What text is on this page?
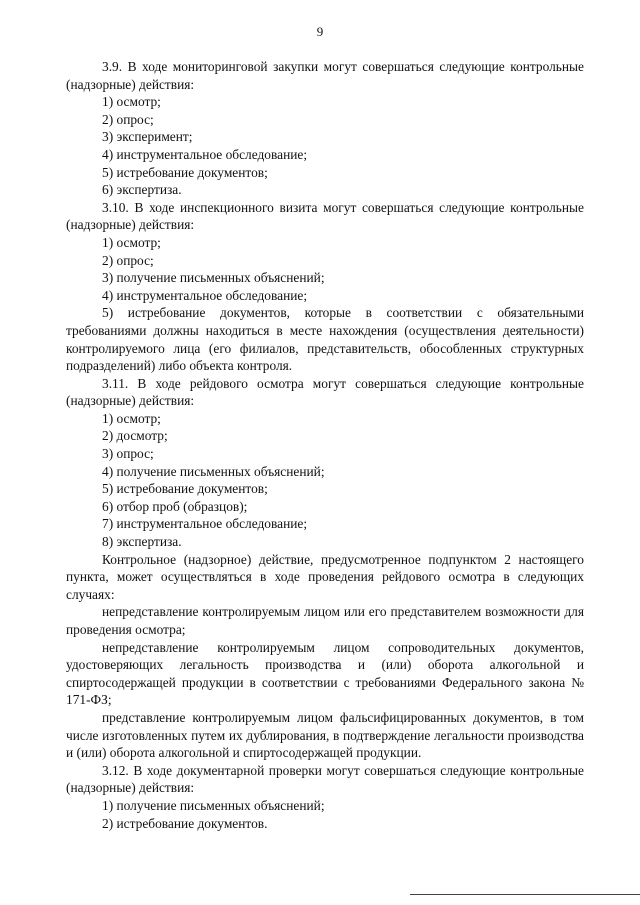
9

3.9. В ходе мониторинговой закупки могут совершаться следующие контрольные (надзорные) действия:

1) осмотр;

2) опрос;

3) эксперимент;

4) инструментальное обследование;

5) истребование документов;

6) экспертиза.

3.10. В ходе инспекционного визита могут совершаться следующие контрольные (надзорные) действия:

1) осмотр;

2) опрос;

3) получение письменных объяснений;

4) инструментальное обследование;

5) истребование документов, которые в соответствии с обязательными требованиями должны находиться в месте нахождения (осуществления деятельности) контролируемого лица (его филиалов, представительств, обособленных структурных подразделений) либо объекта контроля.

3.11. В ходе рейдового осмотра могут совершаться следующие контрольные (надзорные) действия:

1) осмотр;

2) досмотр;

3) опрос;

4) получение письменных объяснений;

5) истребование документов;

6) отбор проб (образцов);

7) инструментальное обследование;

8) экспертиза.

Контрольное (надзорное) действие, предусмотренное подпунктом 2 настоящего пункта, может осуществляться в ходе проведения рейдового осмотра в следующих случаях:

непредставление контролируемым лицом или его представителем возможности для проведения осмотра;

непредставление контролируемым лицом сопроводительных документов, удостоверяющих легальность производства и (или) оборота алкогольной и спиртосодержащей продукции в соответствии с требованиями Федерального закона № 171-ФЗ;

представление контролируемым лицом фальсифицированных документов, в том числе изготовленных путем их дублирования, в подтверждение легальности производства и (или) оборота алкогольной и спиртосодержащей продукции.

3.12. В ходе документарной проверки могут совершаться следующие контрольные (надзорные) действия:

1) получение письменных объяснений;

2) истребование документов.
